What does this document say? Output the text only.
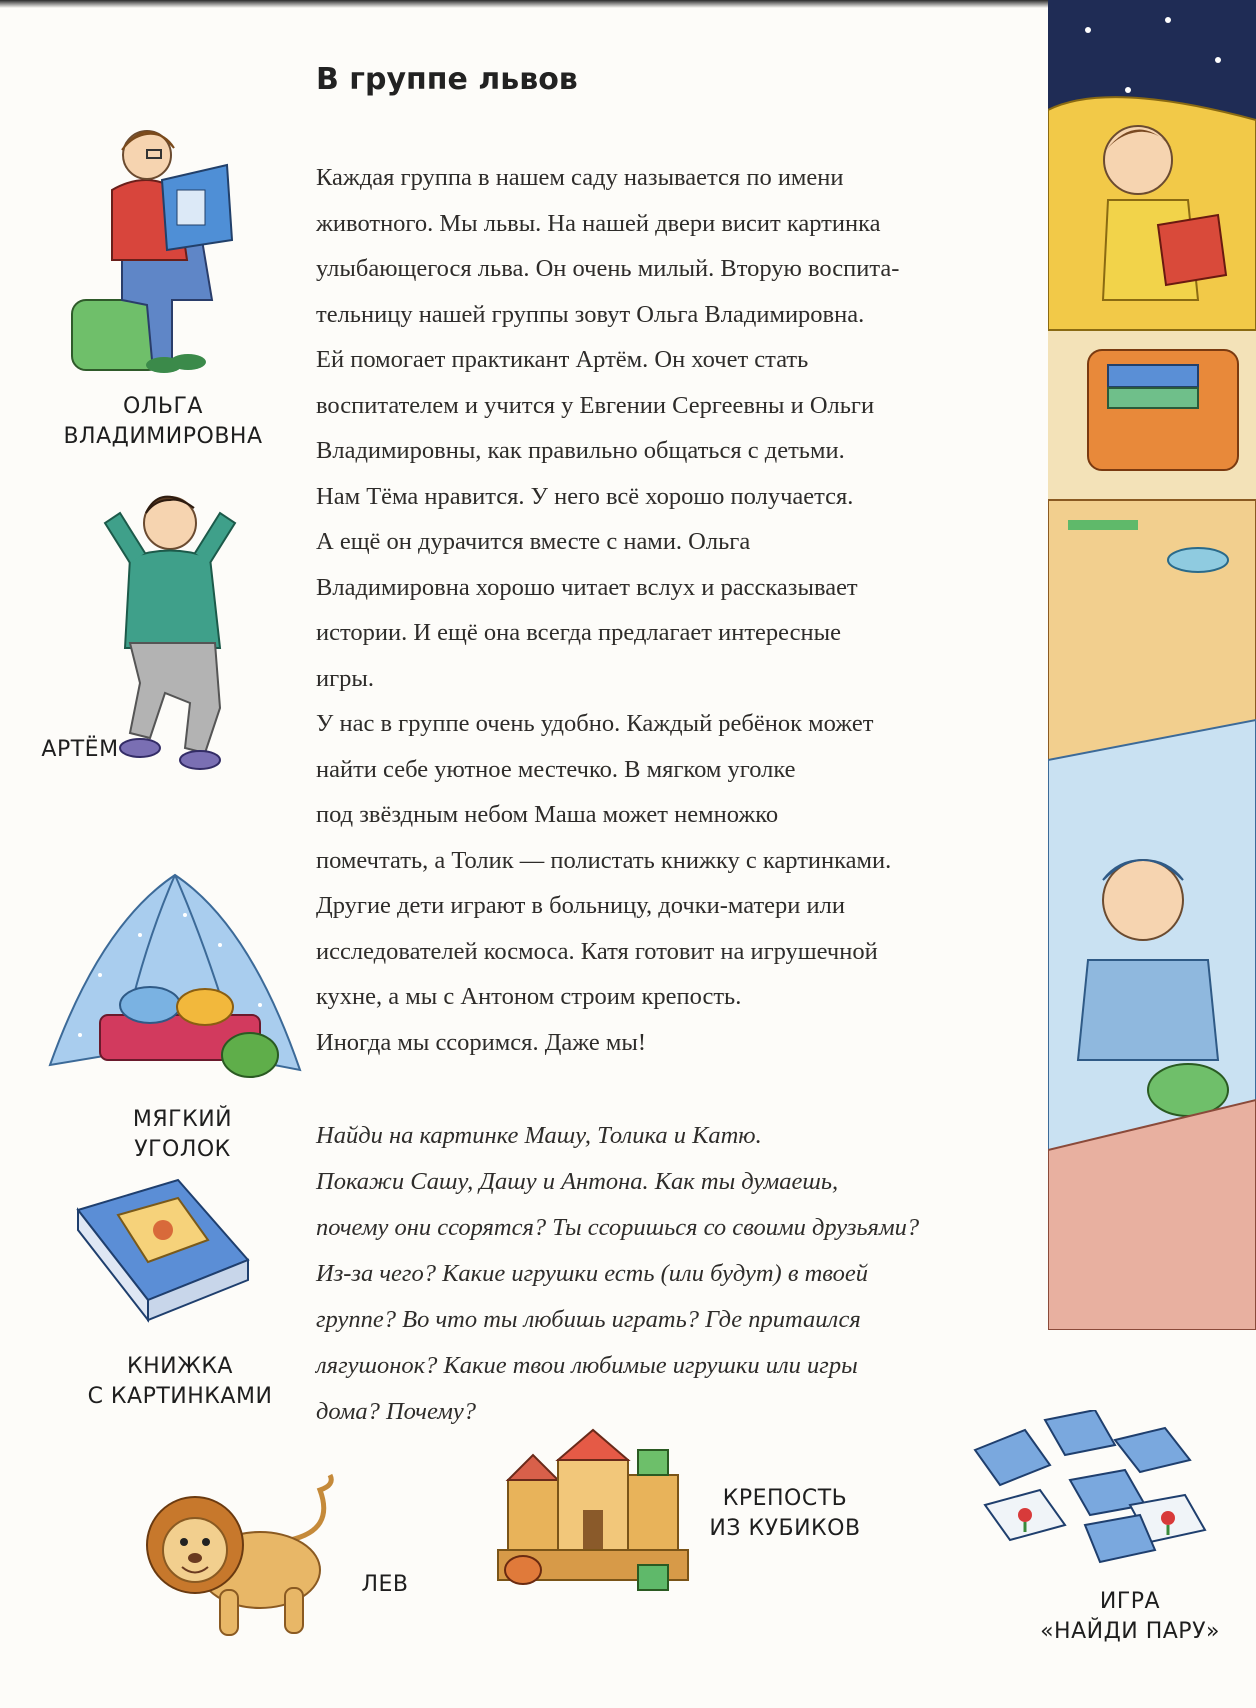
В группе львов
Каждая группа в нашем саду называется по имени
животного. Мы львы. На нашей двери висит картинка
улыбающегося льва. Он очень милый. Вторую воспита-
тельницу нашей группы зовут Ольга Владимировна.
Ей помогает практикант Артём. Он хочет стать
воспитателем и учится у Евгении Сергеевны и Ольги
Владимировны, как правильно общаться с детьми.
Нам Тёма нравится. У него всё хорошо получается.
А ещё он дурачится вместе с нами. Ольга
Владимировна хорошо читает вслух и рассказывает
истории. И ещё она всегда предлагает интересные
игры.
У нас в группе очень удобно. Каждый ребёнок может
найти себе уютное местечко. В мягком уголке
под звёздным небом Маша может немножко
помечтать, а Толик — полистать книжку с картинками.
Другие дети играют в больницу, дочки-матери или
исследователей космоса. Катя готовит на игрушечной
кухне, а мы с Антоном строим крепость.
Иногда мы ссоримся. Даже мы!
Найди на картинке Машу, Толика и Катю.
Покажи Сашу, Дашу и Антона. Как ты думаешь,
почему они ссорятся? Ты ссоришься со своими друзьями?
Из-за чего? Какие игрушки есть (или будут) в твоей
группе? Во что ты любишь играть? Где притаился
лягушонок? Какие твои любимые игрушки или игры
дома? Почему?
ОЛЬГА
ВЛАДИМИРОВНА
АРТЁМ
МЯГКИЙ
УГОЛОК
КНИЖКА
С КАРТИНКАМИ
ЛЕВ
КРЕПОСТЬ
ИЗ КУБИКОВ
ИГРА
«НАЙДИ ПАРУ»
